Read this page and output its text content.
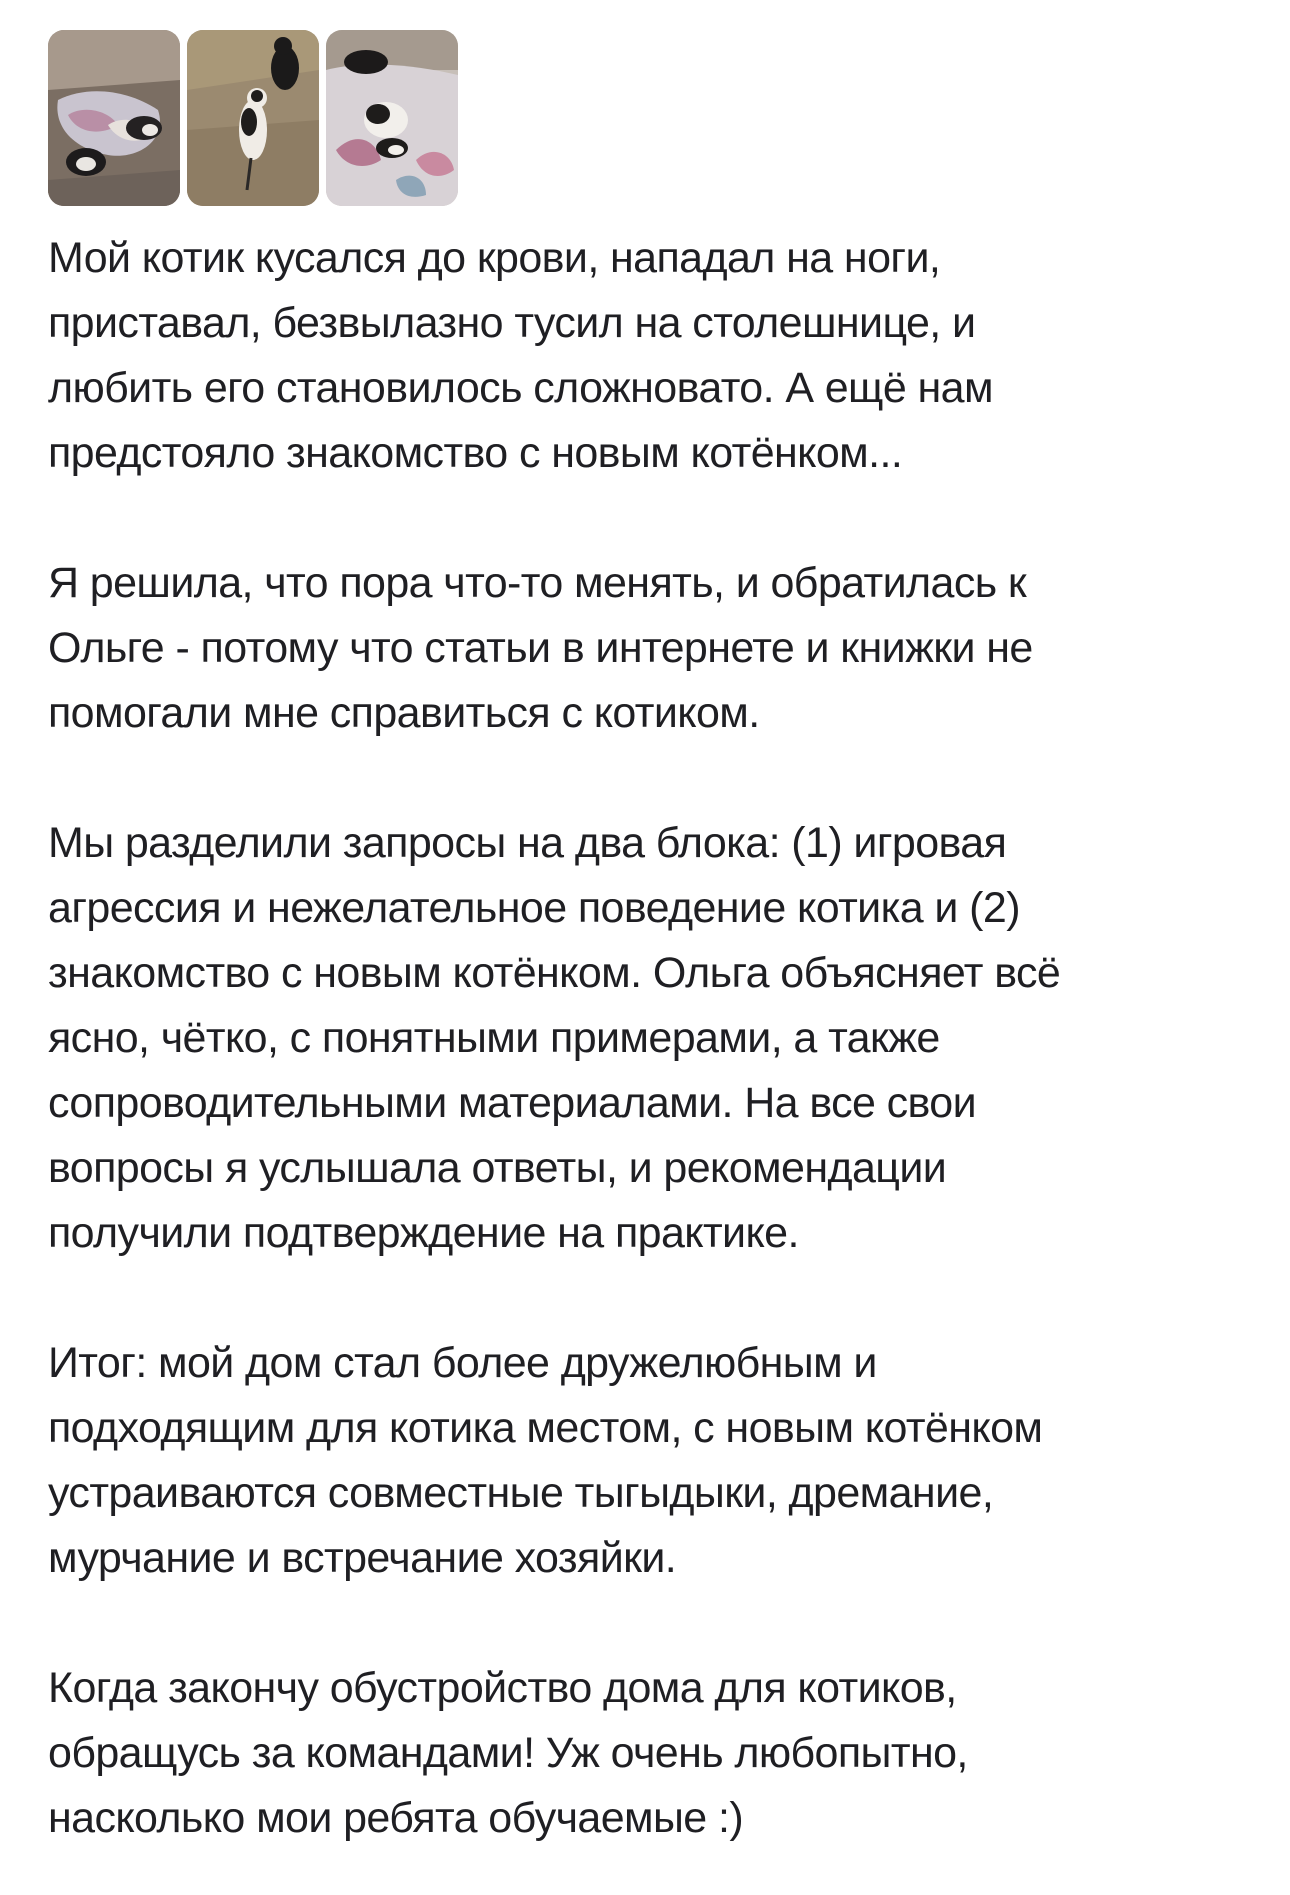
Мой котик кусался до крови, нападал на ноги,
приставал, безвылазно тусил на столешнице, и
любить его становилось сложновато. А ещё нам
предстояло знакомство с новым котёнком...

Я решила, что пора что-то менять, и обратилась к
Ольге - потому что статьи в интернете и книжки не
помогали мне справиться с котиком.

Мы разделили запросы на два блока: (1) игровая
агрессия и нежелательное поведение котика и (2)
знакомство с новым котёнком. Ольга объясняет всё
ясно, чётко, с понятными примерами, а также
сопроводительными материалами. На все свои
вопросы я услышала ответы, и рекомендации
получили подтверждение на практике.

Итог: мой дом стал более дружелюбным и
подходящим для котика местом, с новым котёнком
устраиваются совместные тыгыдыки, дремание,
мурчание и встречание хозяйки.

Когда закончу обустройство дома для котиков,
обращусь за командами! Уж очень любопытно,
насколько мои ребята обучаемые :)
